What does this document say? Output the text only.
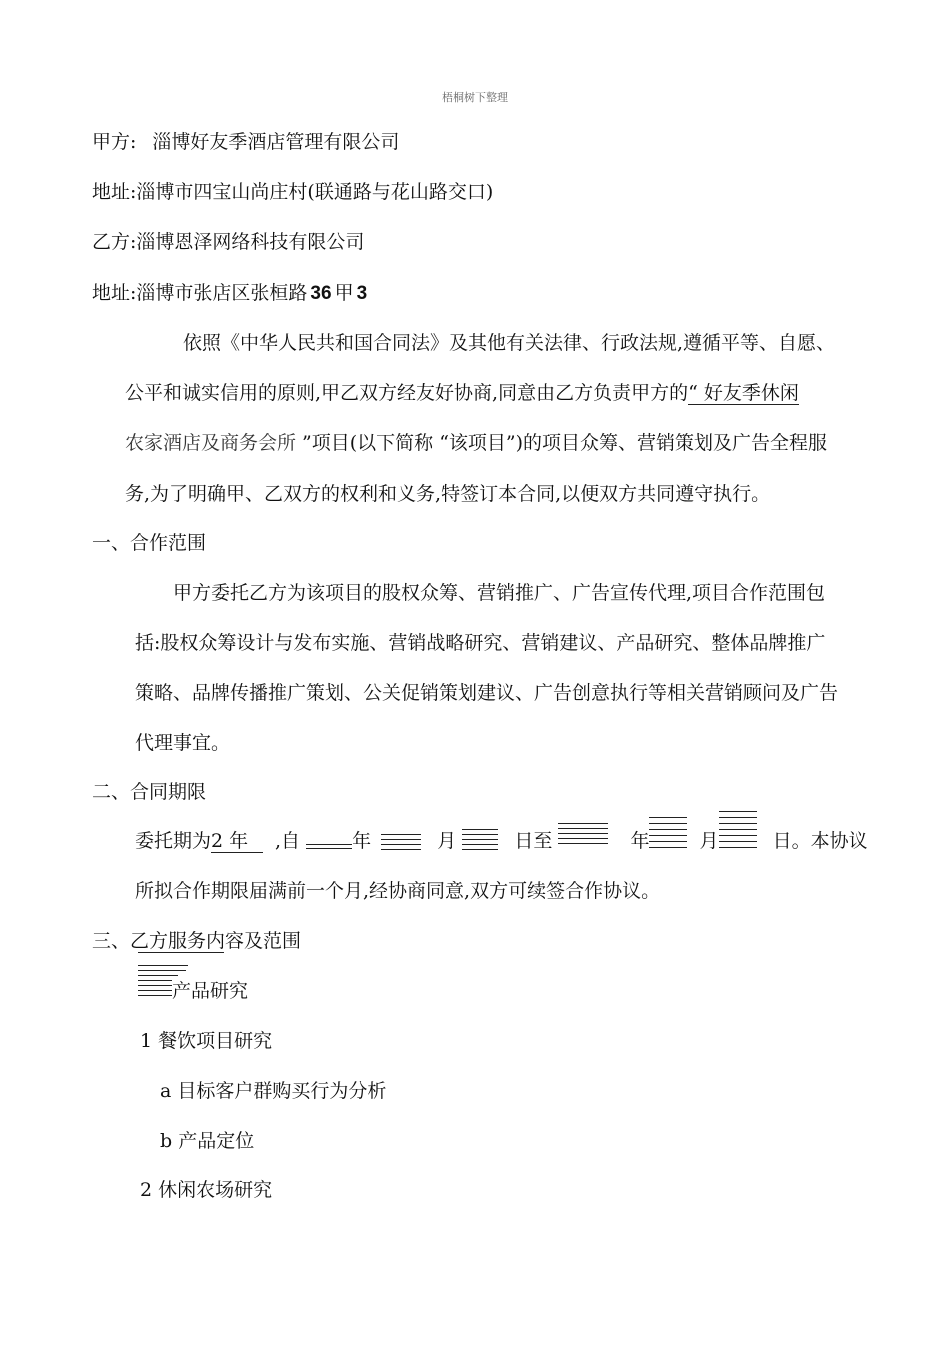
梧桐树下整理
甲方: 淄博好友季酒店管理有限公司
地址:淄博市四宝山尚庄村(联通路与花山路交口)
乙方:淄博恩泽网络科技有限公司
地址:淄博市张店区张桓路 36 甲 3
依照《中华人民共和国合同法》及其他有关法律、行政法规,遵循平等、自愿、
公平和诚实信用的原则,甲乙双方经友好协商,同意由乙方负责甲方的“ 好友季休闲
农家酒店及商务会所 ”项目(以下简称 “该项目”)的项目众筹、营销策划及广告全程服
务,为了明确甲、乙双方的权利和义务,特签订本合同,以便双方共同遵守执行。
一、合作范围
甲方委托乙方为该项目的股权众筹、营销推广、广告宣传代理,项目合作范围包
括:股权众筹设计与发布实施、营销战略研究、营销建议、产品研究、整体品牌推广
策略、品牌传播推广策划、公关促销策划建议、广告创意执行等相关营销顾问及广告
代理事宜。
二、合同期限
委托期为2 年 ,自	年	月	日至	年	月	日。本协议
所拟合作期限届满前一个月,经协商同意,双方可续签合作协议。
三、乙方服务内容及范围
产品研究
1 餐饮项目研究
a 目标客户群购买行为分析
b 产品定位
2 休闲农场研究
